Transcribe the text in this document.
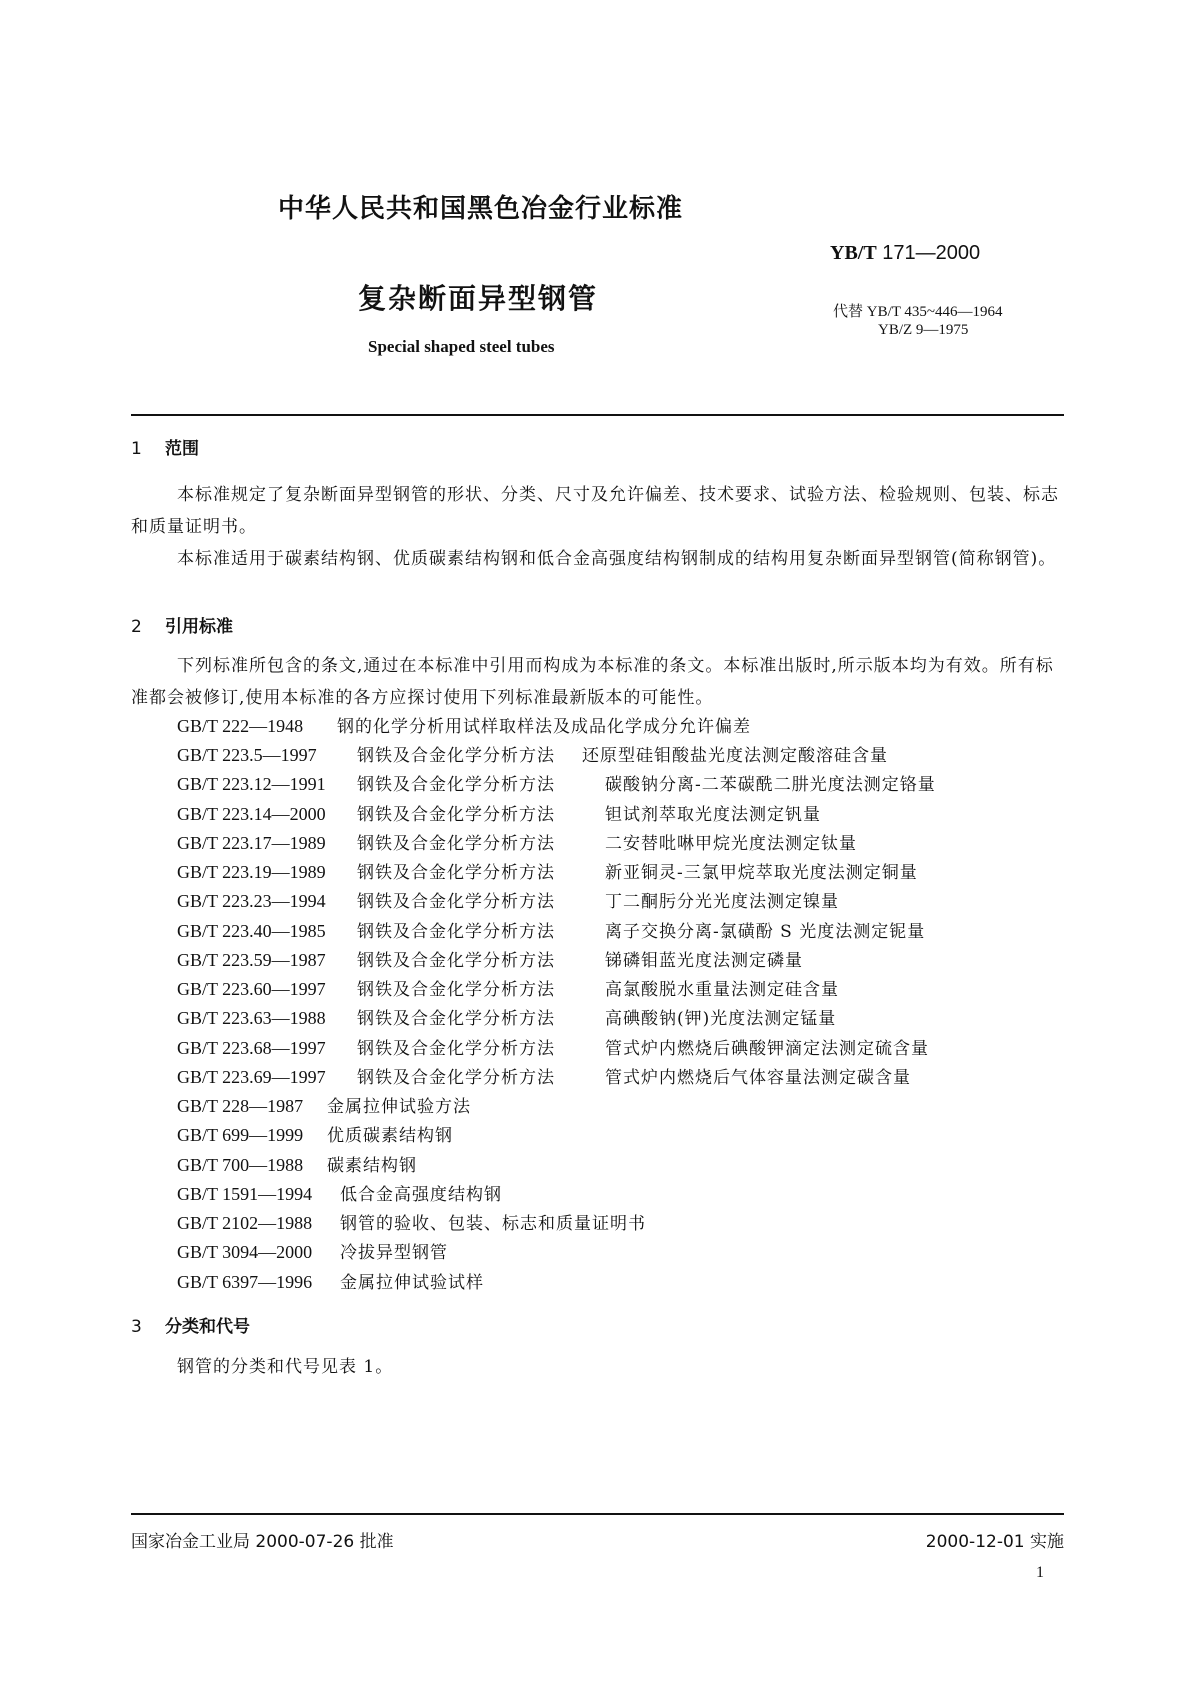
中华人民共和国黑色冶金行业标准
YB/T 171—2000
复杂断面异型钢管	代替 YB/T 435~446—1964
YB/Z 9—1975
Special shaped steel tubes
1 范围
本标准规定了复杂断面异型钢管的形状、分类、尺寸及允许偏差、技术要求、试验方法、检验规则、包装、标志和质量证明书。
本标准适用于碳素结构钢、优质碳素结构钢和低合金高强度结构钢制成的结构用复杂断面异型钢管(简称钢管)。
2 引用标准
下列标准所包含的条文,通过在本标准中引用而构成为本标准的条文。本标准出版时,所示版本均为有效。所有标准都会被修订,使用本标准的各方应探讨使用下列标准最新版本的可能性。
GB/T 222—1948 钢的化学分析用试样取样法及成品化学成分允许偏差
GB/T 223.5—1997 钢铁及合金化学分析方法 还原型硅钼酸盐光度法测定酸溶硅含量
GB/T 223.12—1991 钢铁及合金化学分析方法	碳酸钠分离-二苯碳酰二肼光度法测定铬量
GB/T 223.14—2000 钢铁及合金化学分析方法	钽试剂萃取光度法测定钒量
GB/T 223.17—1989 钢铁及合金化学分析方法	二安替吡啉甲烷光度法测定钛量
GB/T 223.19—1989 钢铁及合金化学分析方法	新亚铜灵-三氯甲烷萃取光度法测定铜量
GB/T 223.23—1994 钢铁及合金化学分析方法	丁二酮肟分光光度法测定镍量
GB/T 223.40—1985 钢铁及合金化学分析方法	离子交换分离-氯磺酚 S 光度法测定铌量
GB/T 223.59—1987 钢铁及合金化学分析方法	锑磷钼蓝光度法测定磷量
GB/T 223.60—1997 钢铁及合金化学分析方法	高氯酸脱水重量法测定硅含量
GB/T 223.63—1988 钢铁及合金化学分析方法	高碘酸钠(钾)光度法测定锰量
GB/T 223.68—1997 钢铁及合金化学分析方法	管式炉内燃烧后碘酸钾滴定法测定硫含量
GB/T 223.69—1997 钢铁及合金化学分析方法	管式炉内燃烧后气体容量法测定碳含量
GB/T 228—1987 金属拉伸试验方法
GB/T 699—1999 优质碳素结构钢
GB/T 700—1988 碳素结构钢
GB/T 1591—1994 低合金高强度结构钢
GB/T 2102—1988 钢管的验收、包装、标志和质量证明书
GB/T 3094—2000 冷拔异型钢管
GB/T 6397—1996 金属拉伸试验试样
3 分类和代号
钢管的分类和代号见表 1。
国家冶金工业局 2000-07-26 批准	2000-12-01 实施
1
